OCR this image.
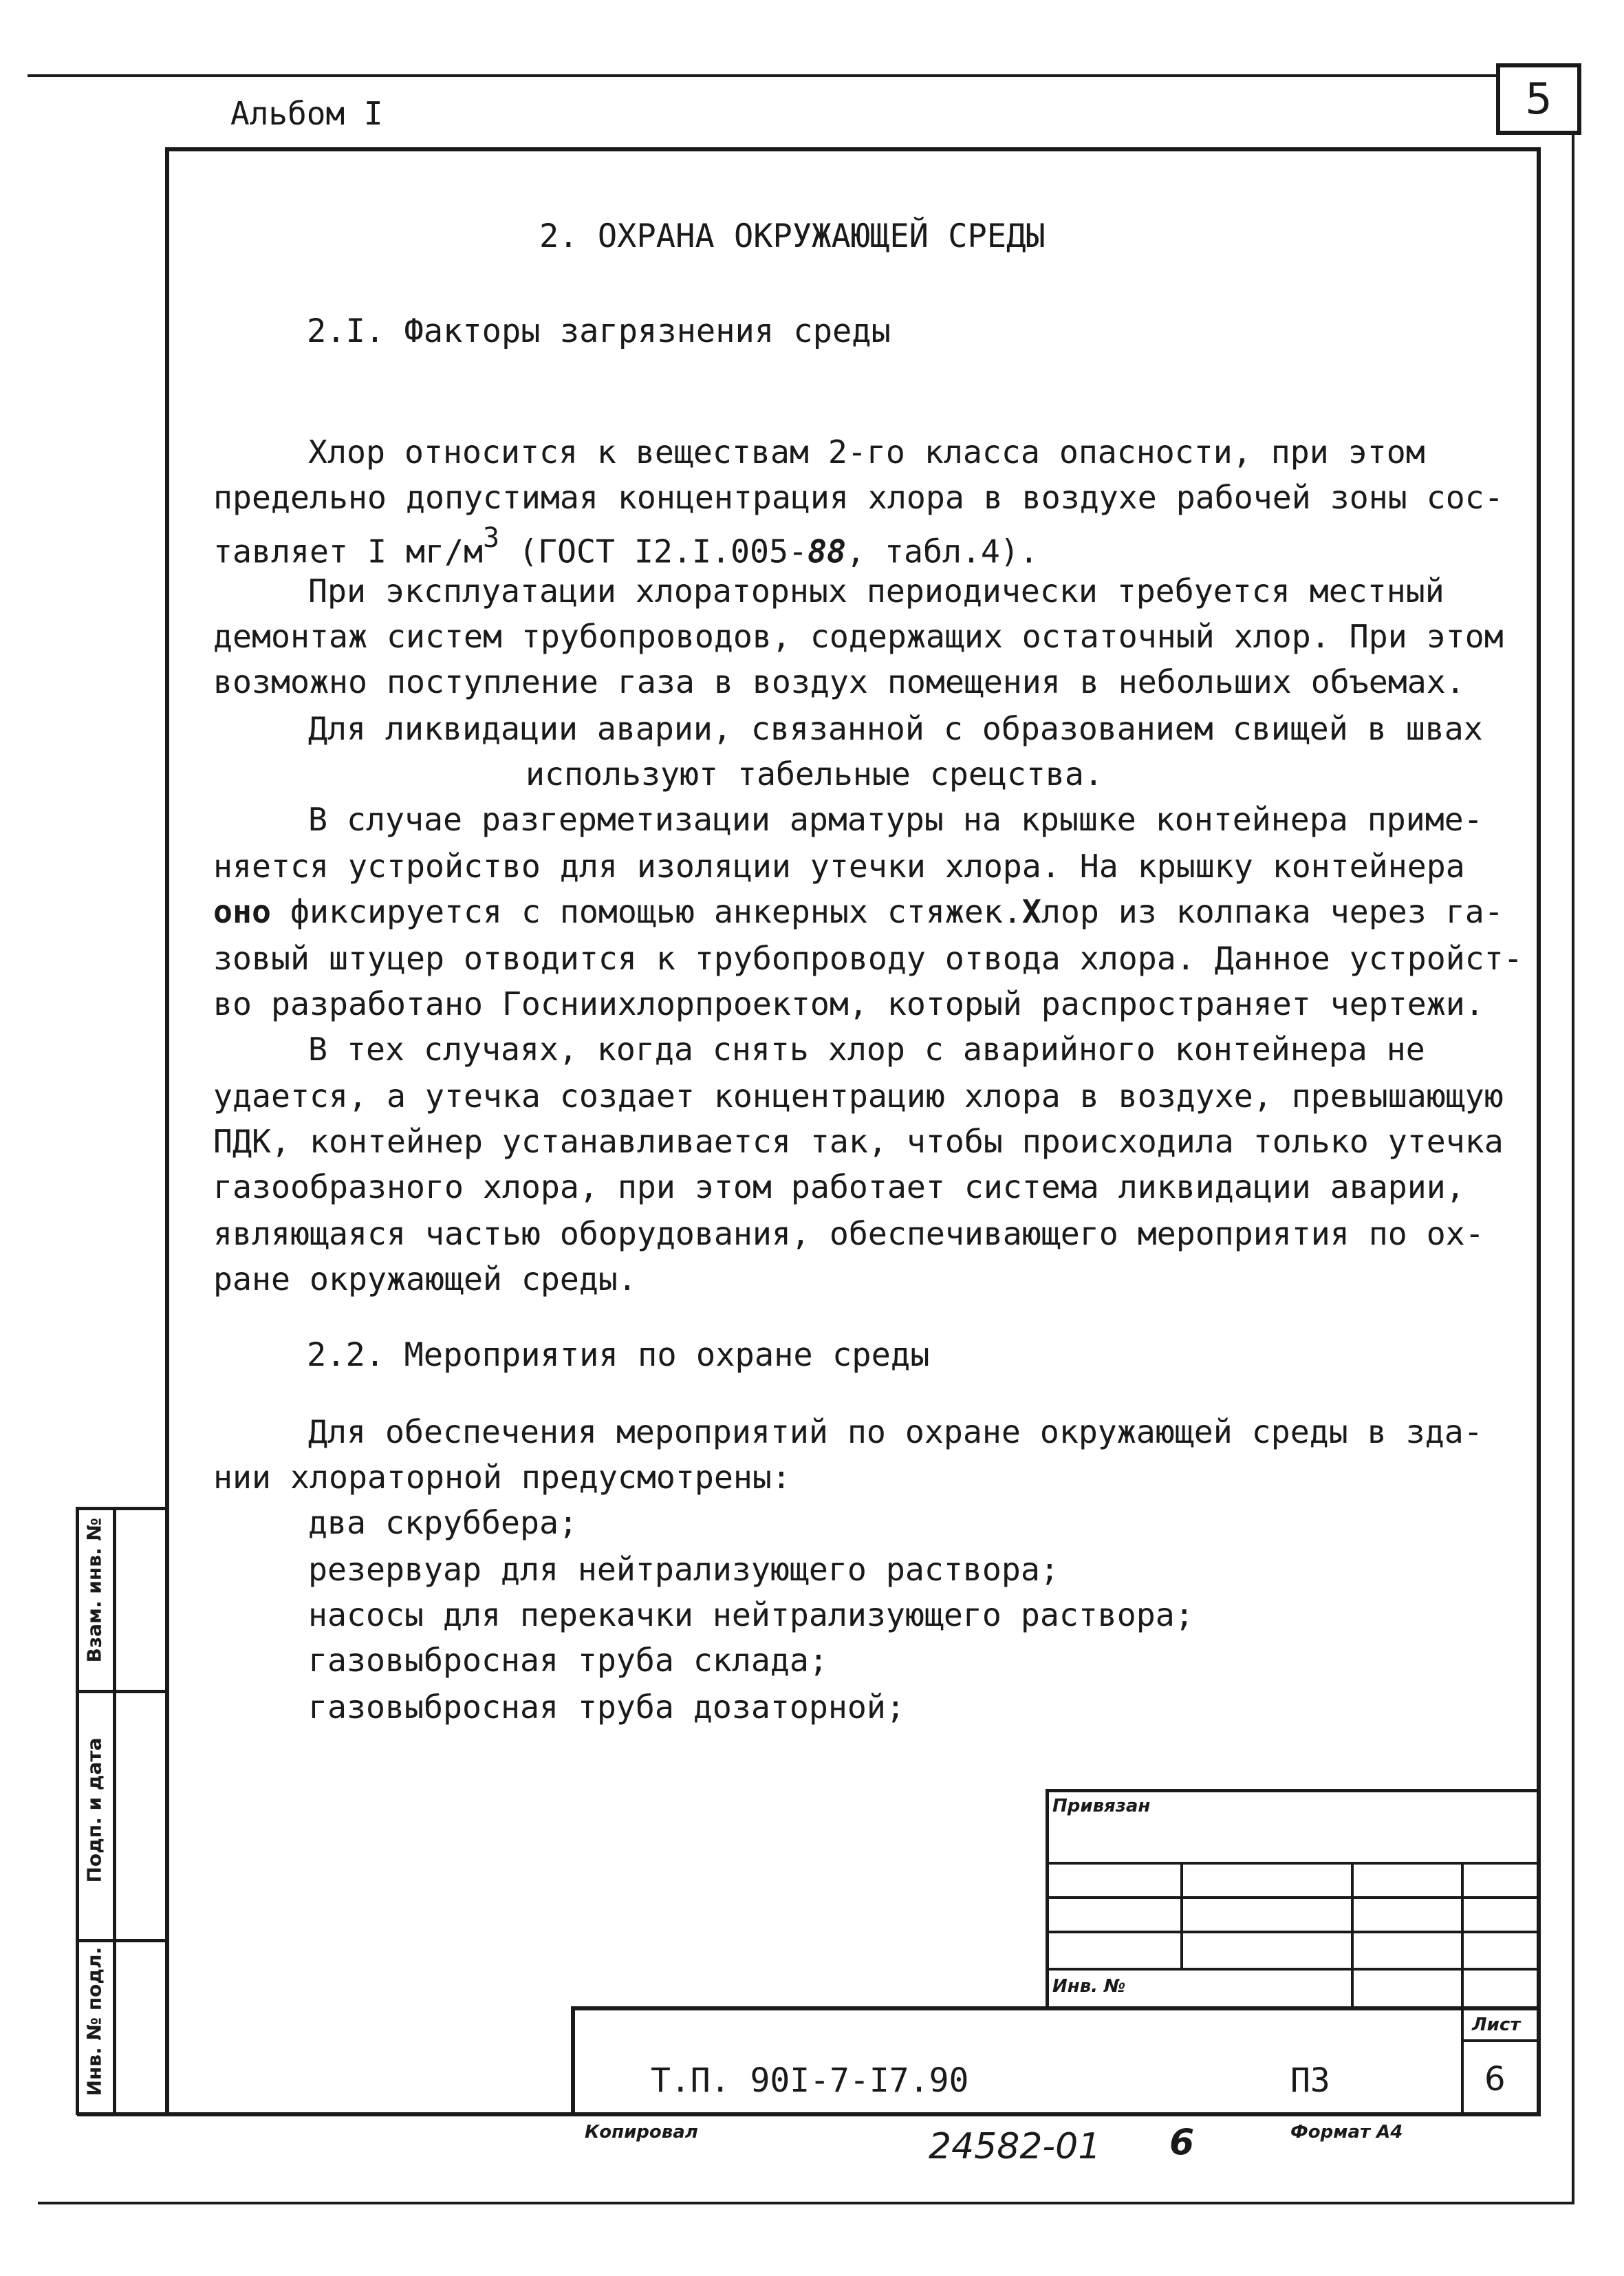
Альбом I	5
2. ОХРАНА ОКРУЖАЮЩЕЙ СРЕДЫ
2.I. Факторы загрязнения среды
Хлор относится к веществам 2-го класса опасности, при этом
предельно допустимая концентрация хлора в воздухе рабочей зоны сос-
тавляет I $мг/м^3$ (ГОСТ I2.I.005-88, табл.4).
При эксплуатации хлораторных периодически требуется местный
демонтаж систем трубопроводов, содержащих остаточный хлор. При этом
возможно поступление газа в воздух помещения в небольших объемах.
Для ликвидации аварии, связанной с образованием свищей в швах
используют табельные срецства.
В случае разгерметизации арматуры на крышке контейнера приме-
няется устройство для изоляции утечки хлора. На крышку контейнера
оно фиксируется с помощью анкерных стяжек.Хлор из колпака через га-
зовый штуцер отводится к трубопроводу отвода хлора. Данное устройст-
во разработано Госниихлорпроектом, который распространяет чертежи.
В тех случаях, когда снять хлор с аварийного контейнера не
удается, а утечка создает концентрацию хлора в воздухе, превышающую
ПДК, контейнер устанавливается так, чтобы происходила только утечка
газообразного хлора, при этом работает система ликвидации аварии,
являющаяся частью оборудования, обеспечивающего мероприятия по ох-
ране окружающей среды.
2.2. Мероприятия по охране среды
Для обеспечения мероприятий по охране окружающей среды в зда-
нии хлораторной предусмотрены:
два скруббера;
резервуар для нейтрализующего раствора;
насосы для перекачки нейтрализующего раствора;
газовыбросная труба склада;
газовыбросная труба дозаторной;
Взам. инв. №
Подп. и дата
Инв. № подл.
Привязан
Инв. №
Лист
Т.П. 90I-7-I7.90	ПЗ	6
Копировал	24582-01 6	Формат А4
